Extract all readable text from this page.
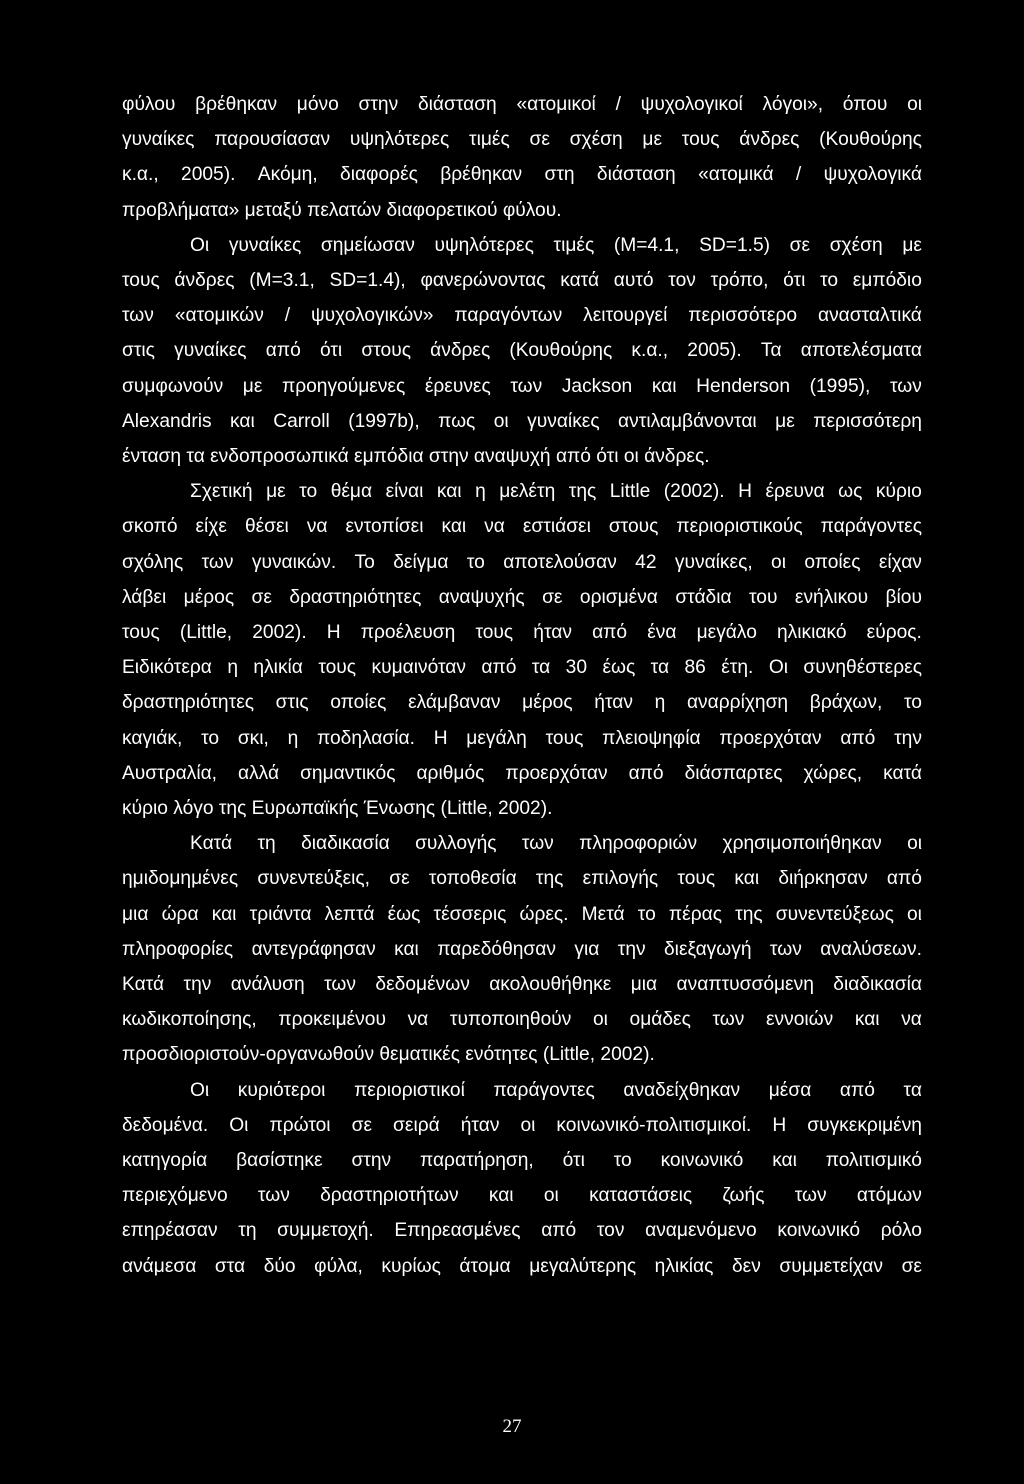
φύλου βρέθηκαν μόνο στην διάσταση «ατομικοί / ψυχολογικοί λόγοι», όπου οι
γυναίκες παρουσίασαν υψηλότερες τιμές σε σχέση με τους άνδρες (Κουθούρης
κ.α., 2005). Ακόμη, διαφορές βρέθηκαν στη διάσταση «ατομικά / ψυχολογικά
προβλήματα» μεταξύ πελατών διαφορετικού φύλου.
Οι γυναίκες σημείωσαν υψηλότερες τιμές (M=4.1, SD=1.5) σε σχέση με
τους άνδρες (M=3.1, SD=1.4), φανερώνοντας κατά αυτό τον τρόπο, ότι το εμπόδιο
των «ατομικών / ψυχολογικών» παραγόντων λειτουργεί περισσότερο ανασταλτικά
στις γυναίκες από ότι στους άνδρες (Κουθούρης κ.α., 2005). Τα αποτελέσματα
συμφωνούν με προηγούμενες έρευνες των Jackson και Henderson (1995), των
Alexandris και Carroll (1997b), πως οι γυναίκες αντιλαμβάνονται με περισσότερη
ένταση τα ενδοπροσωπικά εμπόδια στην αναψυχή από ότι οι άνδρες.
Σχετική με το θέμα είναι και η μελέτη της Little (2002). Η έρευνα ως κύριο
σκοπό είχε θέσει να εντοπίσει και να εστιάσει στους περιοριστικούς παράγοντες
σχόλης των γυναικών. Το δείγμα το αποτελούσαν 42 γυναίκες, οι οποίες είχαν
λάβει μέρος σε δραστηριότητες αναψυχής σε ορισμένα στάδια του ενήλικου βίου
τους (Little, 2002). Η προέλευση τους ήταν από ένα μεγάλο ηλικιακό εύρος.
Ειδικότερα η ηλικία τους κυμαινόταν από τα 30 έως τα 86 έτη. Οι συνηθέστερες
δραστηριότητες στις οποίες ελάμβαναν μέρος ήταν η αναρρίχηση βράχων, το
καγιάκ, το σκι, η ποδηλασία. Η μεγάλη τους πλειοψηφία προερχόταν από την
Αυστραλία, αλλά σημαντικός αριθμός προερχόταν από διάσπαρτες χώρες, κατά
κύριο λόγο της Ευρωπαϊκής Ένωσης (Little, 2002).
Κατά τη διαδικασία συλλογής των πληροφοριών χρησιμοποιήθηκαν οι
ημιδομημένες συνεντεύξεις, σε τοποθεσία της επιλογής τους και διήρκησαν από
μια ώρα και τριάντα λεπτά έως τέσσερις ώρες. Μετά το πέρας της συνεντεύξεως οι
πληροφορίες αντεγράφησαν και παρεδόθησαν για την διεξαγωγή των αναλύσεων.
Κατά την ανάλυση των δεδομένων ακολουθήθηκε μια αναπτυσσόμενη διαδικασία
κωδικοποίησης, προκειμένου να τυποποιηθούν οι ομάδες των εννοιών και να
προσδιοριστούν-οργανωθούν θεματικές ενότητες (Little, 2002).
Οι κυριότεροι περιοριστικοί παράγοντες αναδείχθηκαν μέσα από τα
δεδομένα. Οι πρώτοι σε σειρά ήταν οι κοινωνικό-πολιτισμικοί. Η συγκεκριμένη
κατηγορία βασίστηκε στην παρατήρηση, ότι το κοινωνικό και πολιτισμικό
περιεχόμενο των δραστηριοτήτων και οι καταστάσεις ζωής των ατόμων
επηρέασαν τη συμμετοχή. Επηρεασμένες από τον αναμενόμενο κοινωνικό ρόλο
ανάμεσα στα δύο φύλα, κυρίως άτομα μεγαλύτερης ηλικίας δεν συμμετείχαν σε
27
